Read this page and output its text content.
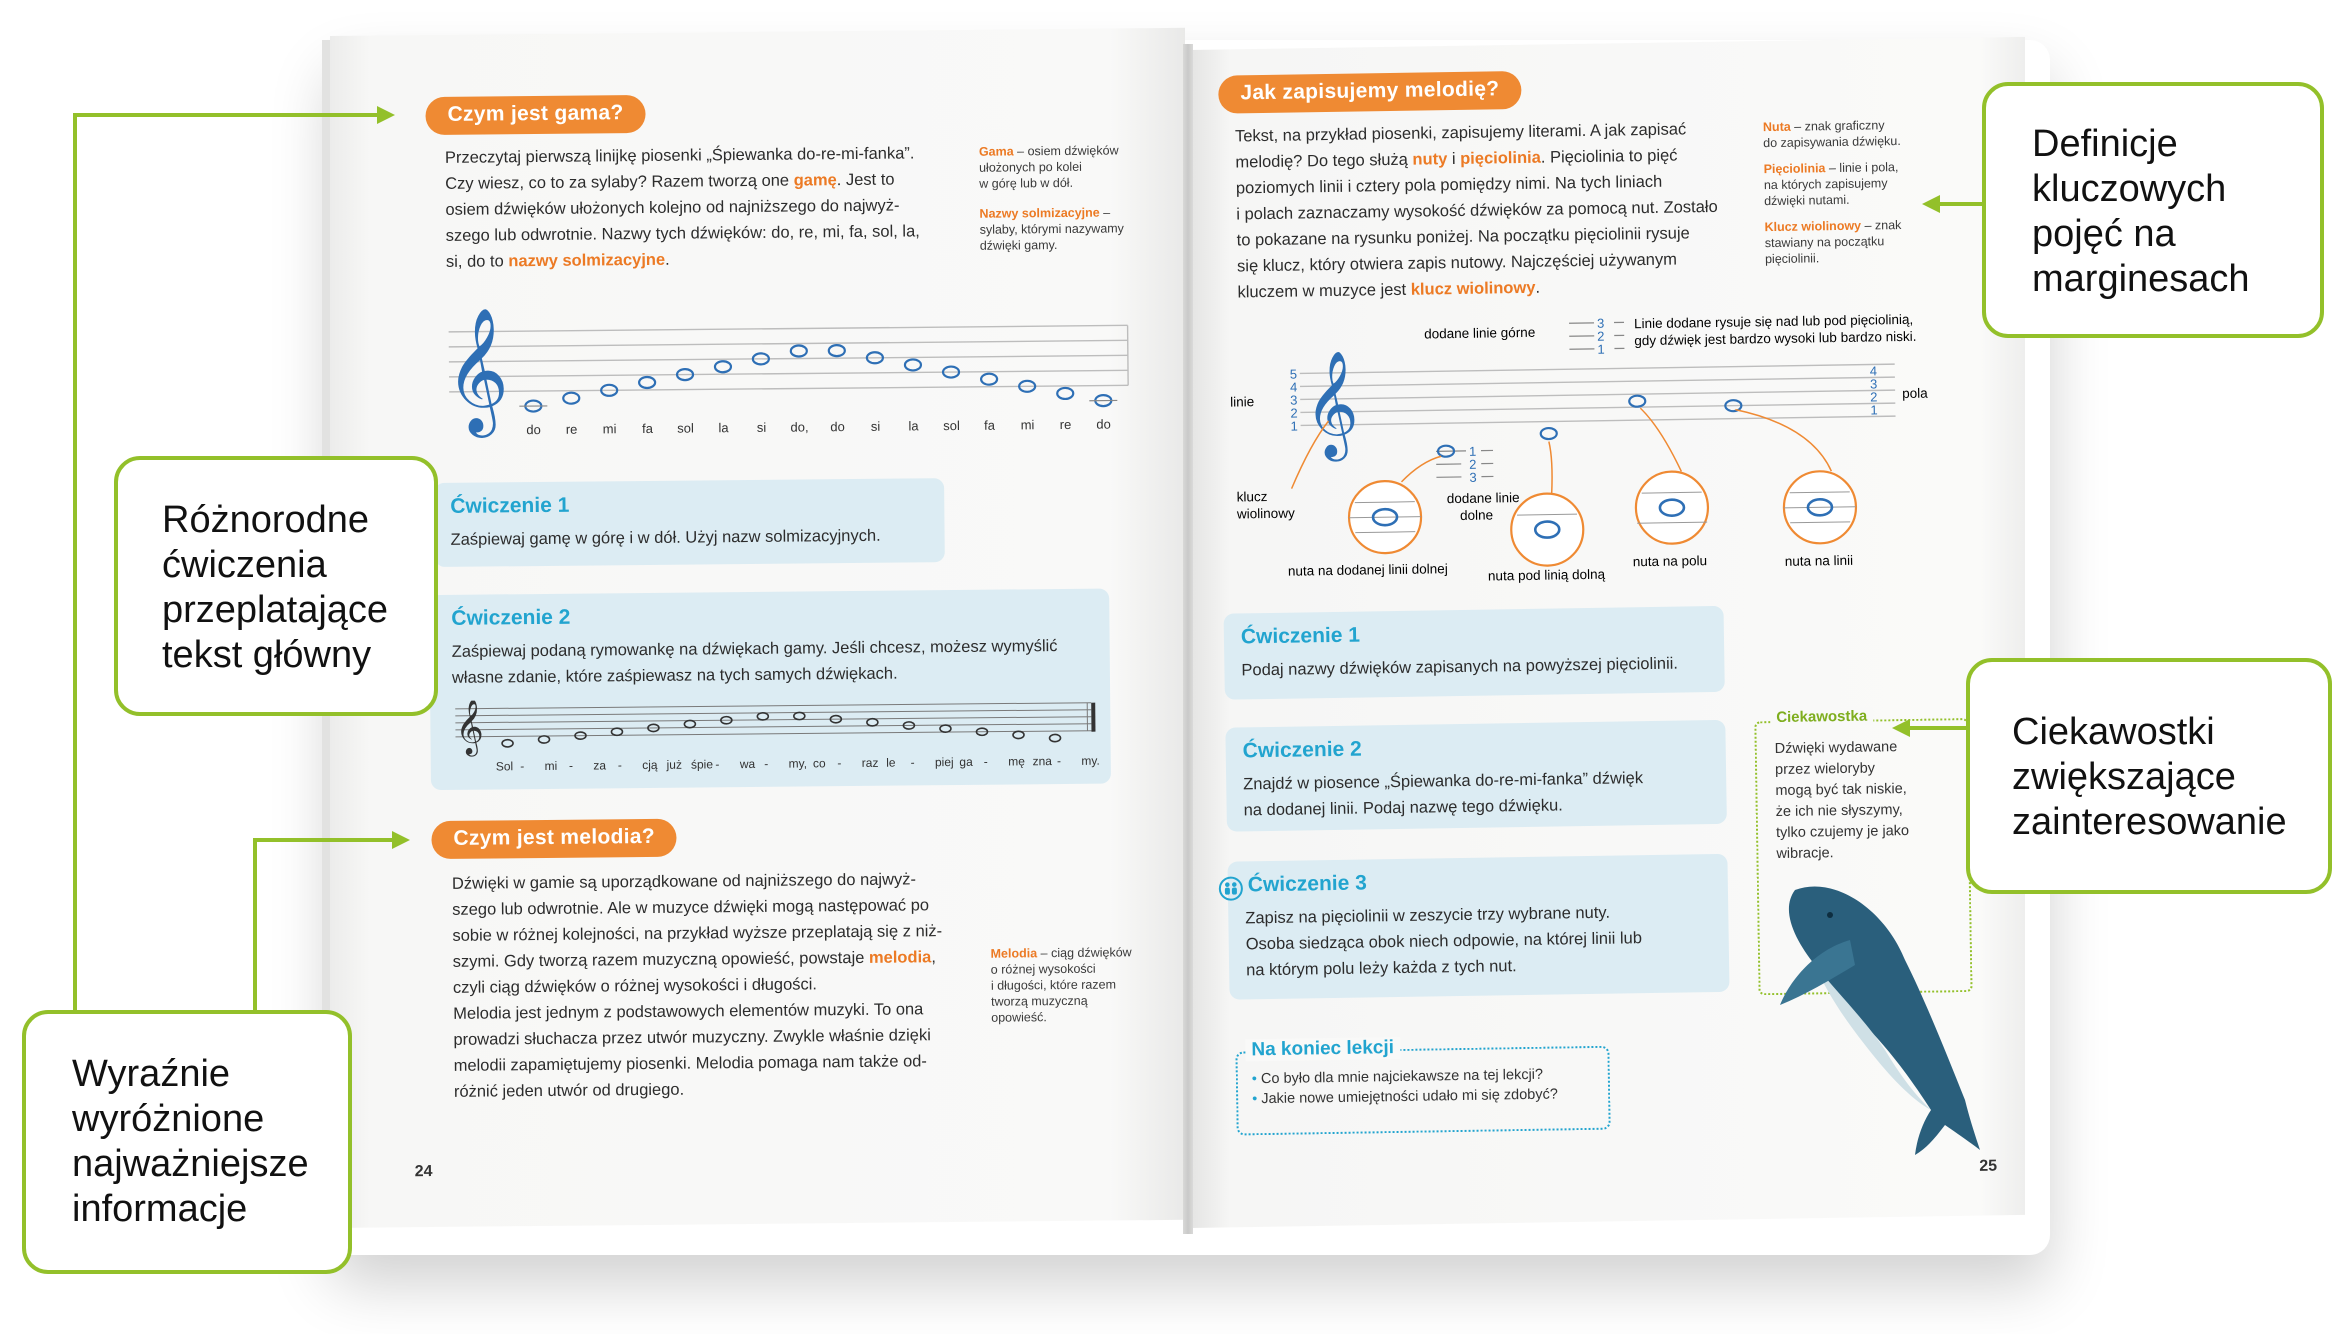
Czym jest gama?
Przeczytaj pierwszą linijkę piosenki „Śpiewanka do-re-mi-fanka”.
Czy wiesz, co to za sylaby? Razem tworzą one gamę. Jest to
osiem dźwięków ułożonych kolejno od najniższego do najwyż-
szego lub odwrotnie. Nazwy tych dźwięków: do, re, mi, fa, sol, la,
si, do to nazwy solmizacyjne.
Gama – osiem dźwięków
ułożonych po kolei
w górę lub w dół.
Nazwy solmizacyjne –
sylaby, którymi nazywamy
dźwięki gamy.
𝄞 do re mi fa sol la si do, do si la sol fa mi re do
Ćwiczenie 1
Zaśpiewaj gamę w górę i w dół. Użyj nazw solmizacyjnych.
Ćwiczenie 2
Zaśpiewaj podaną rymowankę na dźwiękach gamy. Jeśli chcesz, możesz wymyślić
własne zdanie, które zaśpiewasz na tych samych dźwiękach.
𝄞
Sol - mi - za - cją już śpie - wa - my, co - raz le - piej ga - mę zna - my.
Czym jest melodia?
Dźwięki w gamie są uporządkowane od najniższego do najwyż-
szego lub odwrotnie. Ale w muzyce dźwięki mogą następować po
sobie w różnej kolejności, na przykład wyższe przeplatają się z niż-
szymi. Gdy tworzą razem muzyczną opowieść, powstaje melodia,
czyli ciąg dźwięków o różnej wysokości i długości.
Melodia jest jednym z podstawowych elementów muzyki. To ona
prowadzi słuchacza przez utwór muzyczny. Zwykle właśnie dzięki
melodii zapamiętujemy piosenki. Melodia pomaga nam także od-
różnić jeden utwór od drugiego.
Melodia – ciąg dźwięków
o różnej wysokości
i długości, które razem
tworzą muzyczną
opowieść.
24
Jak zapisujemy melodię?
Tekst, na przykład piosenki, zapisujemy literami. A jak zapisać
melodię? Do tego służą nuty i pięciolinia. Pięciolinia to pięć
poziomych linii i cztery pola pomiędzy nimi. Na tych liniach
i polach zaznaczamy wysokość dźwięków za pomocą nut. Zostało
to pokazane na rysunku poniżej. Na początku pięciolinii rysuje
się klucz, który otwiera zapis nutowy. Najczęściej używanym
kluczem w muzyce jest klucz wiolinowy.
Nuta – znak graficzny
do zapisywania dźwięku.
Pięciolinia – linie i pola,
na których zapisujemy
dźwięki nutami.
Klucz wiolinowy – znak
stawiany na początku
pięciolinii.
𝄞
linie
5
4
3
2
1
4
3
2
1
pola
dodane linie górne
3
2
1
Linie dodane rysuje się nad lub pod pięciolinią,
gdy dźwięk jest bardzo wysoki lub bardzo niski.
1
2
3
dodane linie
dolne
klucz
wiolinowy
nuta na dodanej linii dolnej	nuta pod linią dolną
nuta na polu	nuta na linii
Ćwiczenie 1
Podaj nazwy dźwięków zapisanych na powyższej pięciolinii.
Ćwiczenie 2
Znajdź w piosence „Śpiewanka do-re-mi-fanka” dźwięk
na dodanej linii. Podaj nazwę tego dźwięku.
Ćwiczenie 3
Zapisz na pięciolinii w zeszycie trzy wybrane nuty.
Osoba siedząca obok niech odpowie, na której linii lub
na którym polu leży każda z tych nut.
Ciekawostka
Dźwięki wydawane
przez wieloryby
mogą być tak niskie,
że ich nie słyszymy,
tylko czujemy je jako
wibracje.
Na koniec lekcji
• Co było dla mnie najciekawsze na tej lekcji?
• Jakie nowe umiejętności udało mi się zdobyć?
25
Różnorodne
ćwiczenia
przeplatające
tekst główny
Wyraźnie
wyróżnione
najważniejsze
informacje
Definicje
kluczowych
pojęć na
marginesach
Ciekawostki
zwiększające
zainteresowanie
